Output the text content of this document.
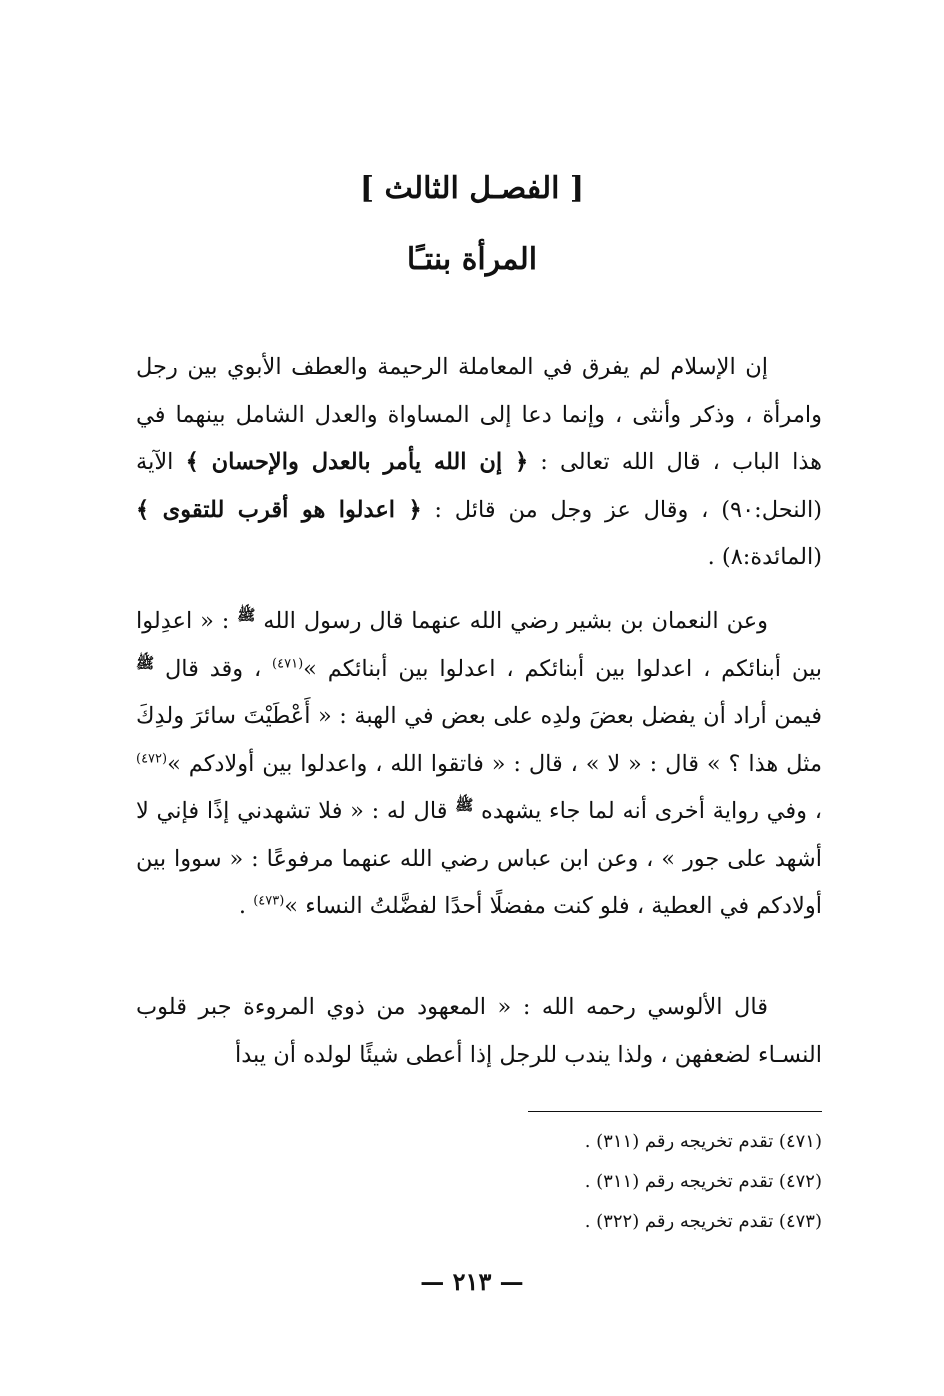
[ الفصـل الثالث ]
المرأة بنتـًا
إن الإسلام لم يفرق في المعاملة الرحيمة والعطف الأبوي بين رجل وامرأة ، وذكر وأنثى ، وإنما دعا إلى المساواة والعدل الشامل بينهما في هذا الباب ، قال الله تعالى : ﴿ إن الله يأمر بالعدل والإحسان ﴾ الآية (النحل:٩٠) ، وقال عز وجل من قائل : ﴿ اعدلوا هو أقرب للتقوى ﴾ (المائدة:٨) .
وعن النعمان بن بشير رضي الله عنهما قال رسول الله ﷺ : « اعدِلوا بين أبنائكم ، اعدلوا بين أبنائكم ، اعدلوا بين أبنائكم »$^{(٤٧١)}$ ، وقد قال ﷺ فيمن أراد أن يفضل بعضَ ولدِه على بعض في الهبة : « أَعْطَيْتَ سائرَ ولدِكَ مثل هذا ؟ » قال : « لا » ، قال : « فاتقوا الله ، واعدلوا بين أولادكم »$^{(٤٧٢)}$ ، وفي رواية أخرى أنه لما جاء يشهده ﷺ قال له : « فلا تشهدني إذًا فإني لا أشهد على جور » ، وعن ابن عباس رضي الله عنهما مرفوعًا : « سووا بين أولادكم في العطية ، فلو كنت مفضلًا أحدًا لفضَّلتُ النساء »$^{(٤٧٣)}$ .
قال الألوسي رحمه الله : « المعهود من ذوي المروءة جبر قلوب النسـاء لضعفهن ، ولذا يندب للرجل إذا أعطى شيئًا لولده أن يبدأ
(٤٧١) تقدم تخريجه رقم (٣١١) .
(٤٧٢) تقدم تخريجه رقم (٣١١) .
(٤٧٣) تقدم تخريجه رقم (٣٢٢) .
— ٢١٣ —
